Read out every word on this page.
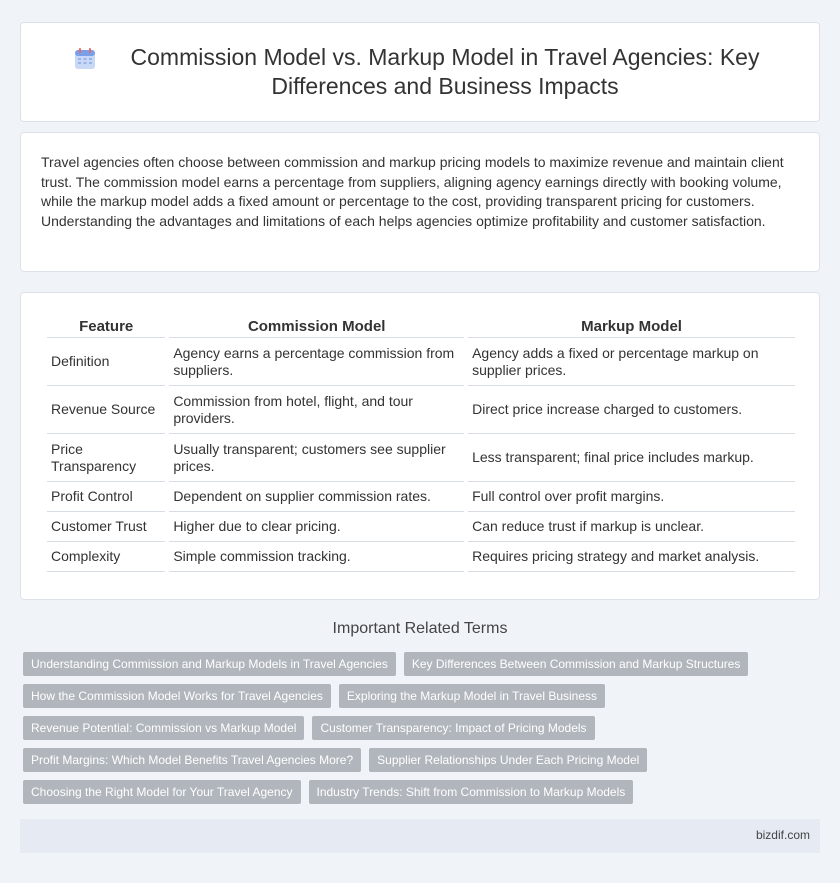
Commission Model vs. Markup Model in Travel Agencies: Key Differences and Business Impacts

Travel agencies often choose between commission and markup pricing models to maximize revenue and maintain client trust. The commission model earns a percentage from suppliers, aligning agency earnings directly with booking volume, while the markup model adds a fixed amount or percentage to the cost, providing transparent pricing for customers. Understanding the advantages and limitations of each helps agencies optimize profitability and customer satisfaction.

Feature	Commission Model	Markup Model
Definition	Agency earns a percentage commission from suppliers.	Agency adds a fixed or percentage markup on supplier prices.
Revenue Source	Commission from hotel, flight, and tour providers.	Direct price increase charged to customers.
Price Transparency	Usually transparent; customers see supplier prices.	Less transparent; final price includes markup.
Profit Control	Dependent on supplier commission rates.	Full control over profit margins.
Customer Trust	Higher due to clear pricing.	Can reduce trust if markup is unclear.
Complexity	Simple commission tracking.	Requires pricing strategy and market analysis.
Important Related Terms
Understanding Commission and Markup Models in Travel Agencies	Key Differences Between Commission and Markup Structures
How the Commission Model Works for Travel Agencies	Exploring the Markup Model in Travel Business
Revenue Potential: Commission vs Markup Model	Customer Transparency: Impact of Pricing Models
Profit Margins: Which Model Benefits Travel Agencies More?	Supplier Relationships Under Each Pricing Model
Choosing the Right Model for Your Travel Agency	Industry Trends: Shift from Commission to Markup Models
bizdif.com
